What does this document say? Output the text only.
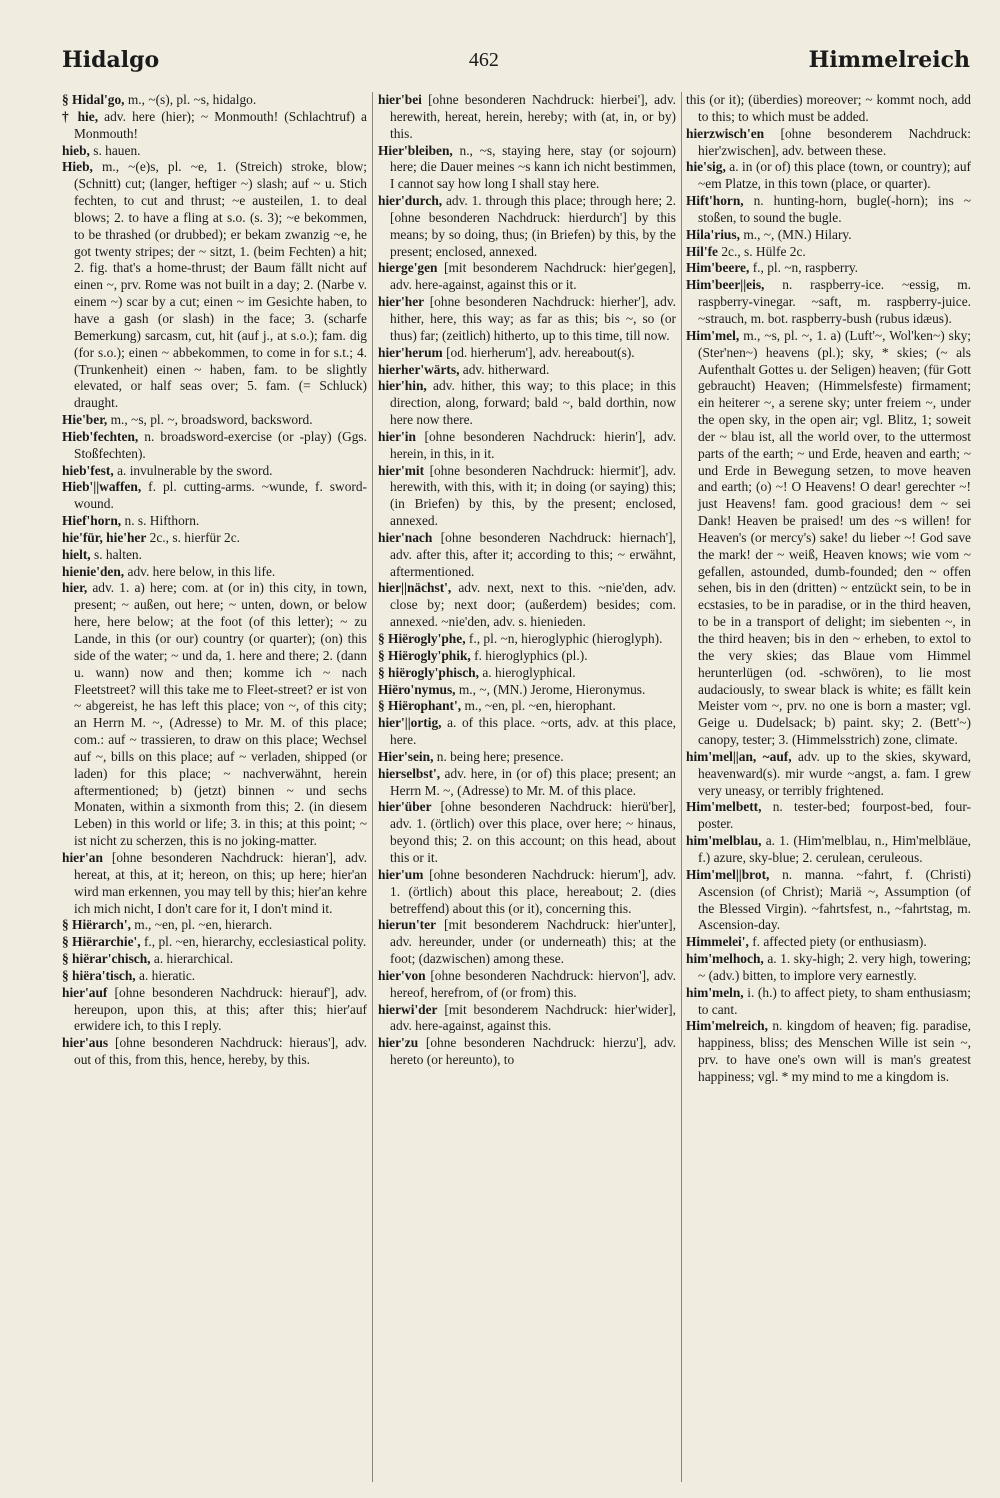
Hidalgo	462	Himmelreich

§ Hidal'go, m., ~(s), pl. ~s, hidalgo.

† hie, adv. here (hier); ~ Monmouth! (Schlachtruf) a Monmouth!

hieb, s. hauen.

Hieb, m., ~(e)s, pl. ~e, 1. (Streich) stroke, blow; (Schnitt) cut; (langer, heftiger ~) slash; auf ~ u. Stich fechten, to cut and thrust; ~e austeilen, 1. to deal blows; 2. to have a fling at s.o. (s. 3); ~e bekommen, to be thrashed (or drubbed); er bekam zwanzig ~e, he got twenty stripes; der ~ sitzt, 1. (beim Fechten) a hit; 2. fig. that's a home-thrust; der Baum fällt nicht auf einen ~, prv. Rome was not built in a day; 2. (Narbe v. einem ~) scar by a cut; einen ~ im Gesichte haben, to have a gash (or slash) in the face; 3. (scharfe Bemerkung) sarcasm, cut, hit (auf j., at s.o.); fam. dig (for s.o.); einen ~ abbekommen, to come in for s.t.; 4. (Trunkenheit) einen ~ haben, fam. to be slightly elevated, or half seas over; 5. fam. (= Schluck) draught.

Hie'ber, m., ~s, pl. ~, broadsword, backsword.

Hieb'fechten, n. broadsword-exercise (or -play) (Ggs. Stoßfechten).

hieb'fest, a. invulnerable by the sword.

Hieb'||waffen, f. pl. cutting-arms. ~wunde, f. sword-wound.

Hief'horn, n. s. Hifthorn.

hie'für, hie'her 2c., s. hierfür 2c.

hielt, s. halten.

hienie'den, adv. here below, in this life.

hier, adv. 1. a) here; com. at (or in) this city, in town, present; ~ außen, out here; ~ unten, down, or below here, here below; at the foot (of this letter); ~ zu Lande, in this (or our) country (or quarter); (on) this side of the water; ~ und da, 1. here and there; 2. (dann u. wann) now and then; komme ich ~ nach Fleetstreet? will this take me to Fleet-street? er ist von ~ abgereist, he has left this place; von ~, of this city; an Herrn M. ~, (Adresse) to Mr. M. of this place; com.: auf ~ trassieren, to draw on this place; Wechsel auf ~, bills on this place; auf ~ verladen, shipped (or laden) for this place; ~ nachverwähnt, herein aftermentioned; b) (jetzt) binnen ~ und sechs Monaten, within a sixmonth from this; 2. (in diesem Leben) in this world or life; 3. in this; at this point; ~ ist nicht zu scherzen, this is no joking-matter.

hier'an [ohne besonderen Nachdruck: hieran'], adv. hereat, at this, at it; hereon, on this; up here; hier'an wird man erkennen, you may tell by this; hier'an kehre ich mich nicht, I don't care for it, I don't mind it.

§ Hiërarch', m., ~en, pl. ~en, hierarch.

§ Hiërarchie', f., pl. ~en, hierarchy, ecclesiastical polity.

§ hiërar'chisch, a. hierarchical.

§ hiëra'tisch, a. hieratic.

hier'auf [ohne besonderen Nachdruck: hierauf'], adv. hereupon, upon this, at this; after this; hier'auf erwidere ich, to this I reply.

hier'aus [ohne besonderen Nachdruck: hieraus'], adv. out of this, from this, hence, hereby, by this.

hier'bei [ohne besonderen Nachdruck: hierbei'], adv. herewith, hereat, herein, hereby; with (at, in, or by) this.

Hier'bleiben, n., ~s, staying here, stay (or sojourn) here; die Dauer meines ~s kann ich nicht bestimmen, I cannot say how long I shall stay here.

hier'durch, adv. 1. through this place; through here; 2. [ohne besonderen Nachdruck: hierdurch'] by this means; by so doing, thus; (in Briefen) by this, by the present; enclosed, annexed.

hierge'gen [mit besonderem Nachdruck: hier'gegen], adv. here-against, against this or it.

hier'her [ohne besonderen Nachdruck: hierher'], adv. hither, here, this way; as far as this; bis ~, so (or thus) far; (zeitlich) hitherto, up to this time, till now.

hier'herum [od. hierherum'], adv. hereabout(s).

hierher'wärts, adv. hitherward.

hier'hin, adv. hither, this way; to this place; in this direction, along, forward; bald ~, bald dorthin, now here now there.

hier'in [ohne besonderen Nachdruck: hierin'], adv. herein, in this, in it.

hier'mit [ohne besonderen Nachdruck: hiermit'], adv. herewith, with this, with it; in doing (or saying) this; (in Briefen) by this, by the present; enclosed, annexed.

hier'nach [ohne besonderen Nachdruck: hiernach'], adv. after this, after it; according to this; ~ erwähnt, aftermentioned.

hier||nächst', adv. next, next to this. ~nie'den, adv. close by; next door; (außerdem) besides; com. annexed. ~nie'den, adv. s. hienieden.

§ Hiërogly'phe, f., pl. ~n, hieroglyphic (hieroglyph).

§ Hiërogly'phik, f. hieroglyphics (pl.).

§ hiërogly'phisch, a. hieroglyphical.

Hiëro'nymus, m., ~, (MN.) Jerome, Hieronymus.

§ Hiërophant', m., ~en, pl. ~en, hierophant.

hier'||ortig, a. of this place. ~orts, adv. at this place, here.

Hier'sein, n. being here; presence.

hierselbst', adv. here, in (or of) this place; present; an Herrn M. ~, (Adresse) to Mr. M. of this place.

hier'über [ohne besonderen Nachdruck: hierü'ber], adv. 1. (örtlich) over this place, over here; ~ hinaus, beyond this; 2. on this account; on this head, about this or it.

hier'um [ohne besonderen Nachdruck: hierum'], adv. 1. (örtlich) about this place, hereabout; 2. (dies betreffend) about this (or it), concerning this.

hierun'ter [mit besonderem Nachdruck: hier'unter], adv. hereunder, under (or underneath) this; at the foot; (dazwischen) among these.

hier'von [ohne besonderen Nachdruck: hiervon'], adv. hereof, herefrom, of (or from) this.

hierwi'der [mit besonderem Nachdruck: hier'wider], adv. here-against, against this.

hier'zu [ohne besonderen Nachdruck: hierzu'], adv. hereto (or hereunto), to

this (or it); (überdies) moreover; ~ kommt noch, add to this; to which must be added.

hierzwisch'en [ohne besonderem Nachdruck: hier'zwischen], adv. between these.

hie'sig, a. in (or of) this place (town, or country); auf ~em Platze, in this town (place, or quarter).

Hift'horn, n. hunting-horn, bugle(-horn); ins ~ stoßen, to sound the bugle.

Hila'rius, m., ~, (MN.) Hilary.

Hil'fe 2c., s. Hülfe 2c.

Him'beere, f., pl. ~n, raspberry.

Him'beer||eis, n. raspberry-ice. ~essig, m. raspberry-vinegar. ~saft, m. raspberry-juice. ~strauch, m. bot. raspberry-bush (rubus idæus).

Him'mel, m., ~s, pl. ~, 1. a) (Luft'~, Wol'ken~) sky; (Ster'nen~) heavens (pl.); sky, * skies; (~ als Aufenthalt Gottes u. der Seligen) heaven; (für Gott gebraucht) Heaven; (Himmelsfeste) firmament; ein heiterer ~, a serene sky; unter freiem ~, under the open sky, in the open air; vgl. Blitz, 1; soweit der ~ blau ist, all the world over, to the uttermost parts of the earth; ~ und Erde, heaven and earth; ~ und Erde in Bewegung setzen, to move heaven and earth; (o) ~! O Heavens! O dear! gerechter ~! just Heavens! fam. good gracious! dem ~ sei Dank! Heaven be praised! um des ~s willen! for Heaven's (or mercy's) sake! du lieber ~! God save the mark! der ~ weiß, Heaven knows; wie vom ~ gefallen, astounded, dumb-founded; den ~ offen sehen, bis in den (dritten) ~ entzückt sein, to be in ecstasies, to be in paradise, or in the third heaven, to be in a transport of delight; im siebenten ~, in the third heaven; bis in den ~ erheben, to extol to the very skies; das Blaue vom Himmel herunterlügen (od. -schwören), to lie most audaciously, to swear black is white; es fällt kein Meister vom ~, prv. no one is born a master; vgl. Geige u. Dudelsack; b) paint. sky; 2. (Bett'~) canopy, tester; 3. (Himmelsstrich) zone, climate.

him'mel||an, ~auf, adv. up to the skies, skyward, heavenward(s). mir wurde ~angst, a. fam. I grew very uneasy, or terribly frightened.

Him'melbett, n. tester-bed; fourpost-bed, four-poster.

him'melblau, a. 1. (Him'melblau, n., Him'melbläue, f.) azure, sky-blue; 2. cerulean, ceruleous.

Him'mel||brot, n. manna. ~fahrt, f. (Christi) Ascension (of Christ); Mariä ~, Assumption (of the Blessed Virgin). ~fahrtsfest, n., ~fahrtstag, m. Ascension-day.

Himmelei', f. affected piety (or enthusiasm).

him'melhoch, a. 1. sky-high; 2. very high, towering; ~ (adv.) bitten, to implore very earnestly.

him'meln, i. (h.) to affect piety, to sham enthusiasm; to cant.

Him'melreich, n. kingdom of heaven; fig. paradise, happiness, bliss; des Menschen Wille ist sein ~, prv. to have one's own will is man's greatest happiness; vgl. * my mind to me a kingdom is.
